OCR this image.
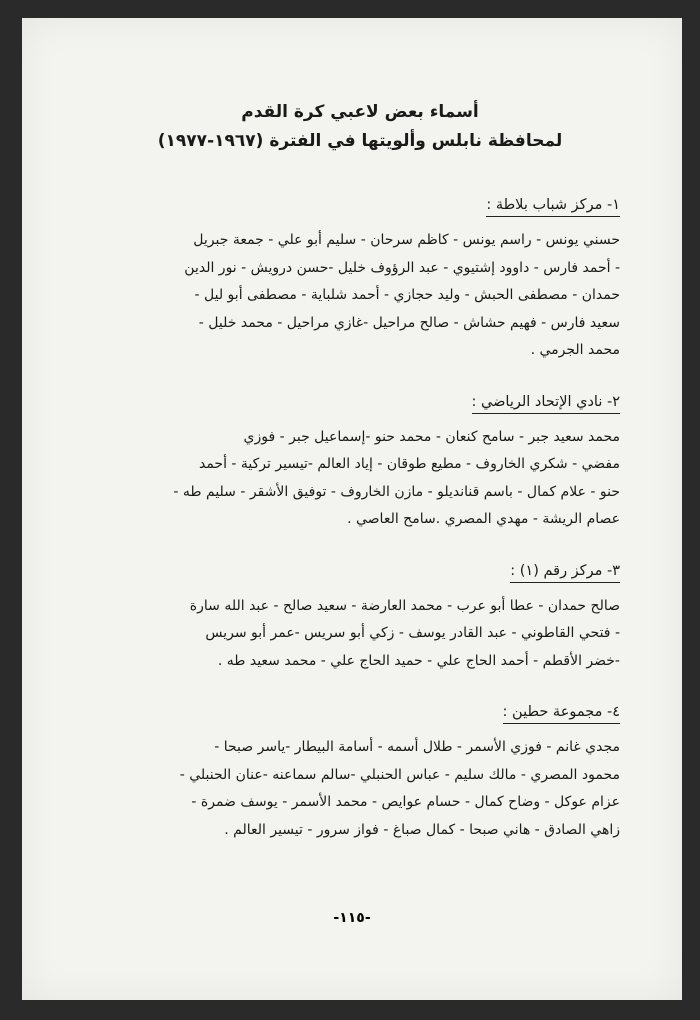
أسماء بعض لاعبي كرة القدم
لمحافظة نابلس وألويتها في الفترة (١٩٦٧-١٩٧٧)
١- مركز شباب بلاطة :
حسني يونس - راسم يونس - كاظم سرحان - سليم أبو علي - جمعة جبريل
- أحمد فارس - داوود إشتيوي - عبد الرؤوف خليل -حسن درويش - نور الدين
حمدان - مصطفى الحبش - وليد حجازي - أحمد شلباية - مصطفى أبو ليل -
سعيد فارس - فهيم حشاش - صالح مراحيل -غازي مراحيل - محمد خليل -
محمد الجرمي .
٢- نادي الإتحاد الرياضي :
محمد سعيد جبر - سامح كنعان - محمد حنو -إسماعيل جبر - فوزي
مفضي - شكري الخاروف - مطيع طوقان - إياد العالم -تيسير تركية - أحمد
حنو - علام كمال - باسم قنانديلو - مازن الخاروف - توفيق الأشقر - سليم طه -
عصام الريشة - مهدي المصري .سامح العاصي .
٣- مركز رقم (١) :
صالح حمدان - عطا أبو عرب - محمد العارضة - سعيد صالح - عبد الله سارة
- فتحي القاطوني - عبد القادر يوسف - زكي أبو سريس -عمر أبو سريس
-خضر الأقطم - أحمد الحاج علي - حميد الحاج علي - محمد سعيد طه .
٤- مجموعة حطين :
مجدي غانم - فوزي الأسمر - طلال أسمه - أسامة البيطار -ياسر صبحا -
محمود المصري - مالك سليم - عباس الحنبلي -سالم سماعنه -عنان الحنبلي -
عزام عوكل - وضاح كمال - حسام عوايص - محمد الأسمر - يوسف ضمرة -
زاهي الصادق - هاني صبحا - كمال صباغ - فواز سرور - تيسير العالم .
-١١٥-
